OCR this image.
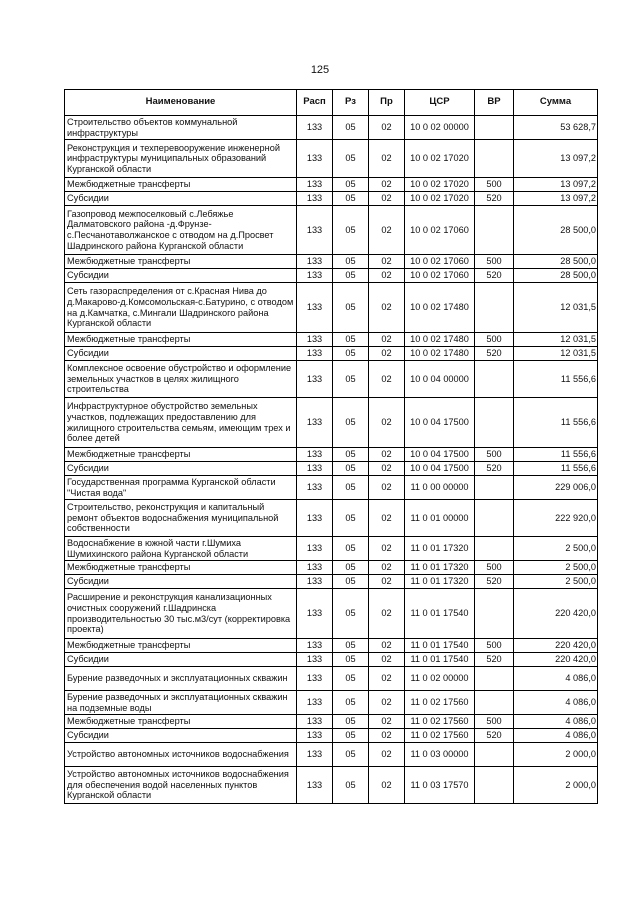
125
Наименование	Расп	Рз	Пр	ЦСР	ВР	Сумма
Строительство объектов коммунальной инфраструктуры	133	05	02	10 0 02 00000		53 628,7
Реконструкция и техперевооружение инженерной инфраструктуры муниципальных образований Курганской области	133	05	02	10 0 02 17020		13 097,2
Межбюджетные трансферты	133	05	02	10 0 02 17020	500	13 097,2
Субсидии	133	05	02	10 0 02 17020	520	13 097,2
Газопровод межпоселковый с.Лебяжье Далматовского района -д.Фрунзе-с.Песчанотаволжанское с отводом на д.Просвет Шадринского района Курганской области	133	05	02	10 0 02 17060		28 500,0
Межбюджетные трансферты	133	05	02	10 0 02 17060	500	28 500,0
Субсидии	133	05	02	10 0 02 17060	520	28 500,0
Сеть газораспределения от с.Красная Нива до д.Макарово-д.Комсомольская-с.Батурино, с отводом на д.Камчатка, с.Мингали Шадринского района Курганской области	133	05	02	10 0 02 17480		12 031,5
Межбюджетные трансферты	133	05	02	10 0 02 17480	500	12 031,5
Субсидии	133	05	02	10 0 02 17480	520	12 031,5
Комплексное освоение обустройство и оформление земельных участков в целях жилищного строительства	133	05	02	10 0 04 00000		11 556,6
Инфраструктурное обустройство земельных участков, подлежащих предоставлению для жилищного строительства семьям, имеющим трех и более детей	133	05	02	10 0 04 17500		11 556,6
Межбюджетные трансферты	133	05	02	10 0 04 17500	500	11 556,6
Субсидии	133	05	02	10 0 04 17500	520	11 556,6
Государственная программа Курганской области "Чистая вода"	133	05	02	11 0 00 00000		229 006,0
Строительство, реконструкция и капитальный ремонт объектов водоснабжения муниципальной собственности	133	05	02	11 0 01 00000		222 920,0
Водоснабжение в южной части г.Шумиха Шумихинского района Курганской области	133	05	02	11 0 01 17320		2 500,0
Межбюджетные трансферты	133	05	02	11 0 01 17320	500	2 500,0
Субсидии	133	05	02	11 0 01 17320	520	2 500,0
Расширение и реконструкция канализационных очистных сооружений г.Шадринска производительностью 30 тыс.м3/сут (корректировка проекта)	133	05	02	11 0 01 17540		220 420,0
Межбюджетные трансферты	133	05	02	11 0 01 17540	500	220 420,0
Субсидии	133	05	02	11 0 01 17540	520	220 420,0
Бурение разведочных и эксплуатационных скважин	133	05	02	11 0 02 00000		4 086,0
Бурение разведочных и эксплуатационных скважин на подземные воды	133	05	02	11 0 02 17560		4 086,0
Межбюджетные трансферты	133	05	02	11 0 02 17560	500	4 086,0
Субсидии	133	05	02	11 0 02 17560	520	4 086,0
Устройство автономных источников водоснабжения	133	05	02	11 0 03 00000		2 000,0
Устройство автономных источников водоснабжения для обеспечения водой населенных пунктов Курганской области	133	05	02	11 0 03 17570		2 000,0
